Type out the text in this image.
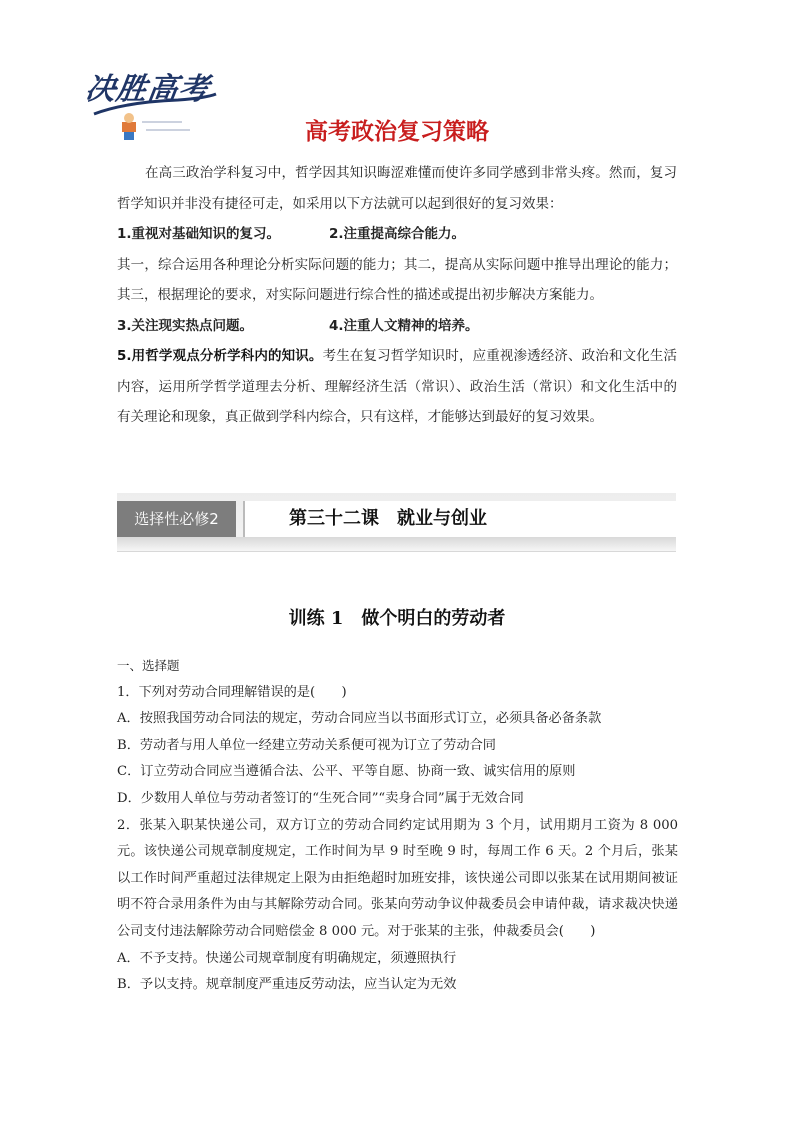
决胜高考
高考政治复习策略

在高三政治学科复习中，哲学因其知识晦涩难懂而使许多同学感到非常头疼。然而，复习哲学知识并非没有捷径可走，如采用以下方法就可以起到很好的复习效果：

1.重视对基础知识的复习。	2.注重提高综合能力。

其一，综合运用各种理论分析实际问题的能力；其二，提高从实际问题中推导出理论的能力；其三，根据理论的要求，对实际问题进行综合性的描述或提出初步解决方案能力。

3.关注现实热点问题。	4.注重人文精神的培养。

5.用哲学观点分析学科内的知识。考生在复习哲学知识时，应重视渗透经济、政治和文化生活内容，运用所学哲学道理去分析、理解经济生活（常识）、政治生活（常识）和文化生活中的有关理论和现象，真正做到学科内综合，只有这样，才能够达到最好的复习效果。

选择性必修2	第三十二课　就业与创业
训练 1　做个明白的劳动者

一、选择题

1．下列对劳动合同理解错误的是(　　)

A．按照我国劳动合同法的规定，劳动合同应当以书面形式订立，必须具备必备条款

B．劳动者与用人单位一经建立劳动关系便可视为订立了劳动合同

C．订立劳动合同应当遵循合法、公平、平等自愿、协商一致、诚实信用的原则

D．少数用人单位与劳动者签订的“生死合同”“卖身合同”属于无效合同

2．张某入职某快递公司，双方订立的劳动合同约定试用期为 3 个月，试用期月工资为 8 000 元。该快递公司规章制度规定，工作时间为早 9 时至晚 9 时，每周工作 6 天。2 个月后，张某以工作时间严重超过法律规定上限为由拒绝超时加班安排，该快递公司即以张某在试用期间被证明不符合录用条件为由与其解除劳动合同。张某向劳动争议仲裁委员会申请仲裁，请求裁决快递公司支付违法解除劳动合同赔偿金 8 000 元。对于张某的主张，仲裁委员会(　　)

A．不予支持。快递公司规章制度有明确规定，须遵照执行

B．予以支持。规章制度严重违反劳动法，应当认定为无效
